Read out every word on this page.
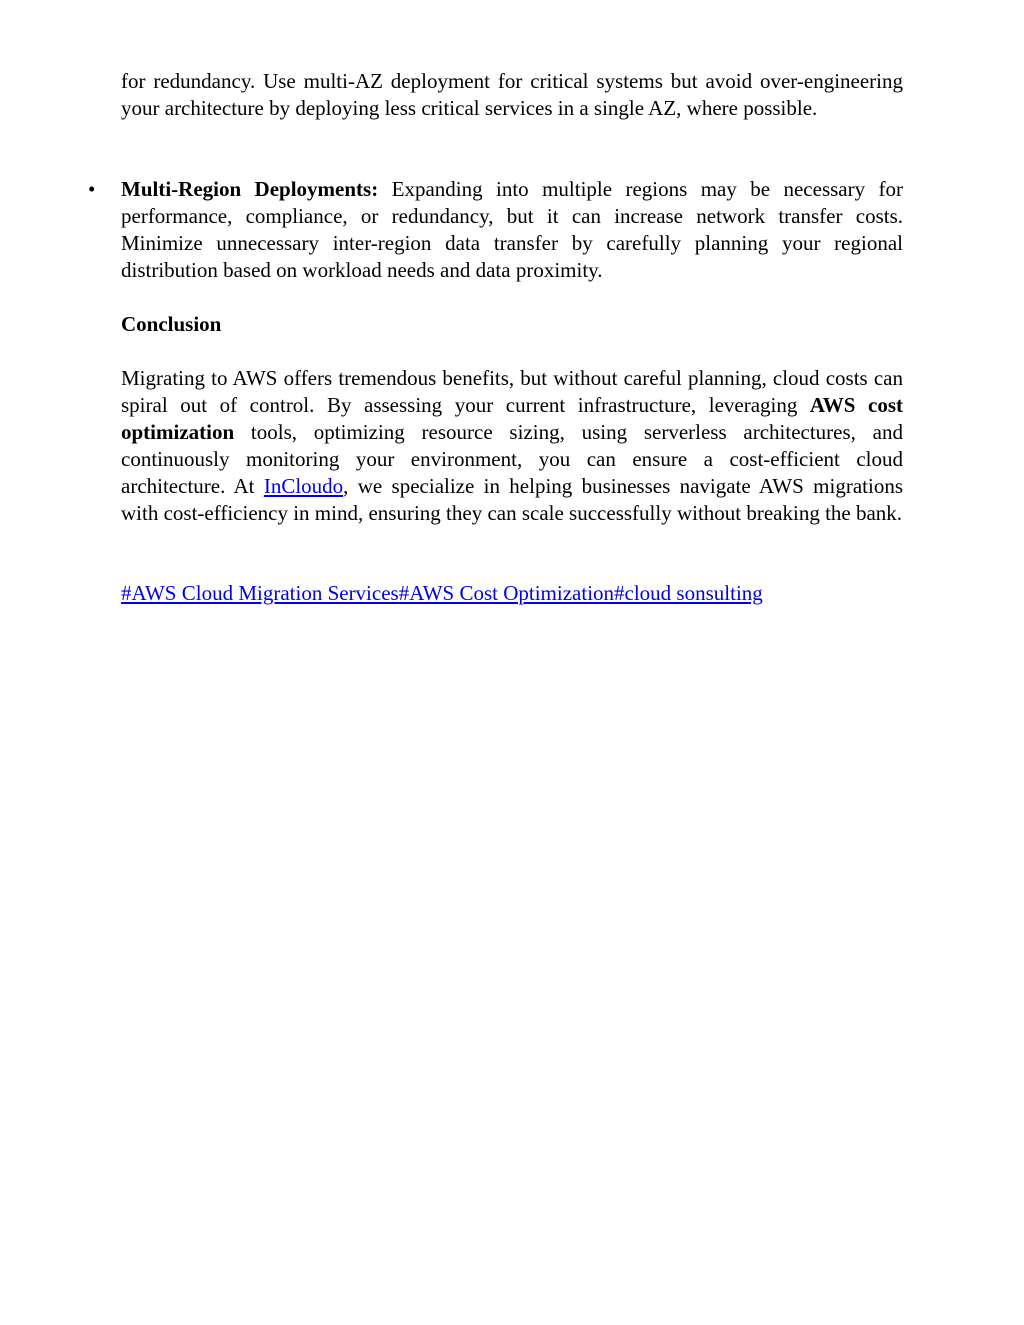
for redundancy. Use multi-AZ deployment for critical systems but avoid over-engineering your architecture by deploying less critical services in a single AZ, where possible.

• Multi-Region Deployments: Expanding into multiple regions may be necessary for performance, compliance, or redundancy, but it can increase network transfer costs. Minimize unnecessary inter-region data transfer by carefully planning your regional distribution based on workload needs and data proximity.

Conclusion

Migrating to AWS offers tremendous benefits, but without careful planning, cloud costs can spiral out of control. By assessing your current infrastructure, leveraging AWS cost optimization tools, optimizing resource sizing, using serverless architectures, and continuously monitoring your environment, you can ensure a cost-efficient cloud architecture. At InCloudo, we specialize in helping businesses navigate AWS migrations with cost-efficiency in mind, ensuring they can scale successfully without breaking the bank.

#AWS Cloud Migration Services#AWS Cost Optimization#cloud sonsulting
